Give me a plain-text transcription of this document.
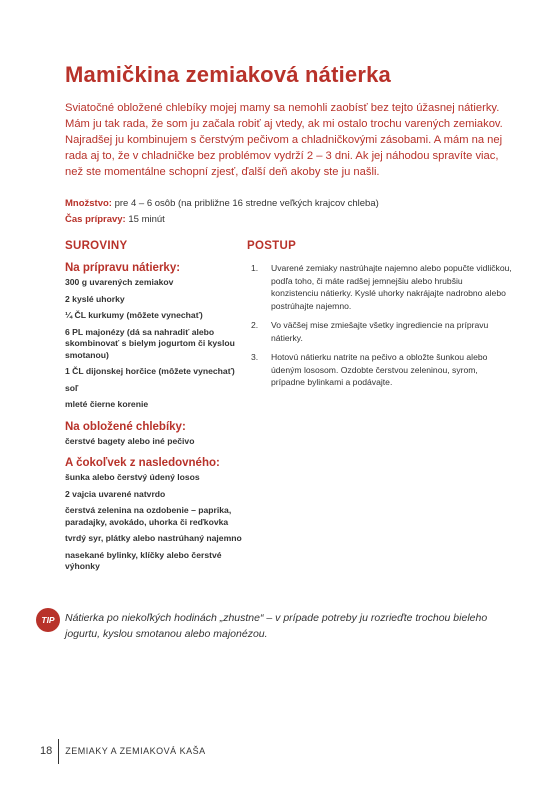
Mamičkina zemiaková nátierka

Sviatočné obložené chlebíky mojej mamy sa nemohli zaobísť bez tejto úžasnej nátierky. Mám ju tak rada, že som ju začala robiť aj vtedy, ak mi ostalo trochu varených zemiakov. Najradšej ju kombinujem s čerstvým pečivom a chladničkovými zásobami. A mám na nej rada aj to, že v chladničke bez problémov vydrží 2 – 3 dni. Ak jej náhodou spravíte viac, než ste momentálne schopní zjesť, ďalší deň akoby ste ju našli.

Množstvo: pre 4 – 6 osôb (na približne 16 stredne veľkých krajcov chleba)
Čas prípravy: 15 minút
SUROVINY
Na prípravu nátierky:
300 g uvarených zemiakov
2 kyslé uhorky
¼ ČL kurkumy (môžete vynechať)
6 PL majonézy (dá sa nahradiť alebo skombinovať s bielym jogurtom či kyslou smotanou)
1 ČL dijonskej horčice (môžete vynechať)
soľ
mleté čierne korenie
Na obložené chlebíky:
čerstvé bagety alebo iné pečivo
A čokoľvek z nasledovného:
šunka alebo čerstvý údený losos
2 vajcia uvarené natvrdo
čerstvá zelenina na ozdobenie – paprika, paradajky, avokádo, uhorka či reďkovka
tvrdý syr, plátky alebo nastrúhaný najemno
nasekané bylinky, klíčky alebo čerstvé výhonky
POSTUP
1.	Uvarené zemiaky nastrúhajte najemno alebo popučte vidličkou, podľa toho, či máte radšej jemnejšiu alebo hrubšiu konzistenciu nátierky. Kyslé uhorky nakrájajte nadrobno alebo postrúhajte najemno.
2.	Vo väčšej mise zmiešajte všetky ingrediencie na prípravu nátierky.
3.	Hotovú nátierku natrite na pečivo a obložte šunkou alebo údeným lososom. Ozdobte čerstvou zeleninou, syrom, prípadne bylinkami a podávajte.
TIP Nátierka po niekoľkých hodinách „zhustne“ – v prípade potreby ju rozrieďte trochou bieleho jogurtu, kyslou smotanou alebo majonézou.

18	ZEMIAKY A ZEMIAKOVÁ KAŠA
